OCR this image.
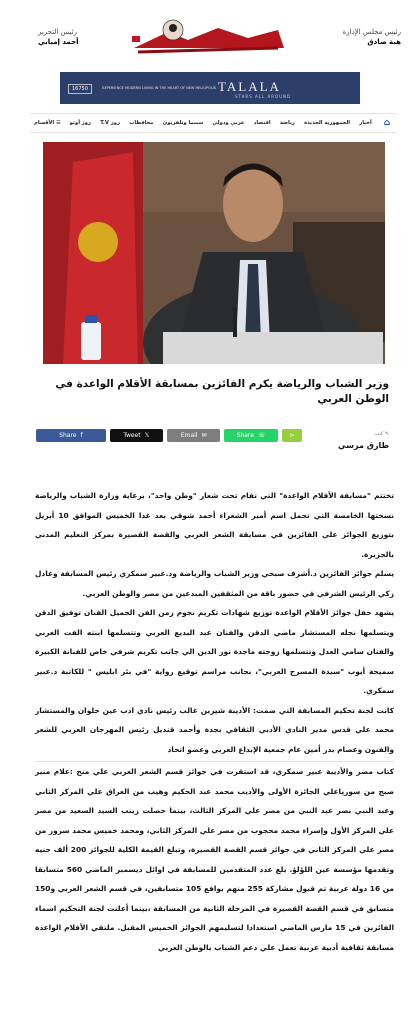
رئيس مجلس الإدارة
هبة صادق
رئيس التحرير
أحمد إمبابي
16750	EXPERIENCE MODERN LIVING IN THE HEART OF NEW HELIOPOLIS TALALA
STARS ALL AROUND
⌂
أخبار
الجمهورية الجديدة
رياضة
اقتصاد
عربي ودولي
سينما وتلفزيون
محافظات
روز T.V
روز أوتو
☰ الأقسام
وزير الشباب والرياضة يكرم الفائزين بمسابقة الأقلام الواعدة في الوطن العربي
✎ كتب
طارق مرسي
f
Share	𝕏
Tweet	✉
Email	☏
Share	⋖

تختتم "مسابقة الأقلام الواعدة" التي تقام تحت شعار "وطن واحد"، برعاية وزارة الشباب والرياضة نسختها الخامسة التي تحمل اسم أمير الشعراء أحمد شوقي بعد غدا الخميس الموافق 10 أبريل بتوزيع الجوائز علي الفائزين في مسابقة الشعر العربي والقصة القصيرة بمركز التعليم المدني بالجزيرة.

يسلم جوائز الفائزين د.أشرف صبحي وزير الشباب والرياضة ود.عبير سمكري رئيس المسابقة وعادل زكي الرئيس الشرفي في حضور باقة من المثقفين المبدعين من مصر والوطن العربي.

يشهد حفل جوائز الأقلام الواعدة توزيع شهادات تكريم نجوم زمن الفن الجميل الفنان توفيق الدقن ويتسلمها نجله المستشار ماضي الدقن والفنان عبد البديع العربي وتتسلمها ابنته الفت العربي والفنان سامي العدل وتتسلمها زوجته ماجدة نور الدين الي جانب تكريم شرفي خاص للفنانة الكبيرة سميحة أيوب "سيدة المسرح العربي"، بجانب مراسم توقيع رواية "في بئر ابليس " للكاتبة د.عبير سمكري.

كانت لجنة تحكيم المسابقة التي ضمت: الأديبة شيرين غالب رئيس نادي ادب عين حلوان والمستشار محمد علي قدس مدير النادي الأدبي الثقافي بجدة وأحمد قنديل رئيس المهرجان العربي للشعر والفنون وعصام بدر أمين عام جمعية الإبداع العربي وعضو اتحاد

كتاب مصر والأديبة عبير سمكري، قد استقرت في جوائز قسم الشعر العربي علي منح :علام منير صبح من سورياعلي الجائزة الأولى والأديب محمد عبد الحكيم وهيب من العراق علي المركز الثاني وعبد النبي نصر عبد النبي من مصر علي المركز الثالث، بينما حصلت زينب السيد السعيد من مصر علي المركز الأول وإسراء محمد محجوب من مصر علي المركز الثاني، ومحمد خميس محمد سرور من مصر علي المركز الثاني في جوائز قسم القصة القصيرة، وتبلغ القيمة الكلية للجوائز 200 ألف جنيه وتقدمها مؤسسة عين اللؤلؤ. بلغ عدد المتقدمين للمسابقة في اوائل ديسمبر الماضي 560 متسابقا من 16 دولة عربية تم قبول مشاركة 255 منهم بواقع 105 متسابقين، في قسم الشعر العربي و150 متسابق في قسم القصة القصيرة في المرحلة الثانية من المسابقة ،بينما أعلنت لجنة التحكيم اسماء الفائزين في 15 مارس الماضي استعدادا لتسليمهم الجوائز الخميس المقبل. ملتقي الأقلام الواعدة مسابقة ثقافية أدبية عربية تعمل علي دعم الشباب بالوطن العربي
